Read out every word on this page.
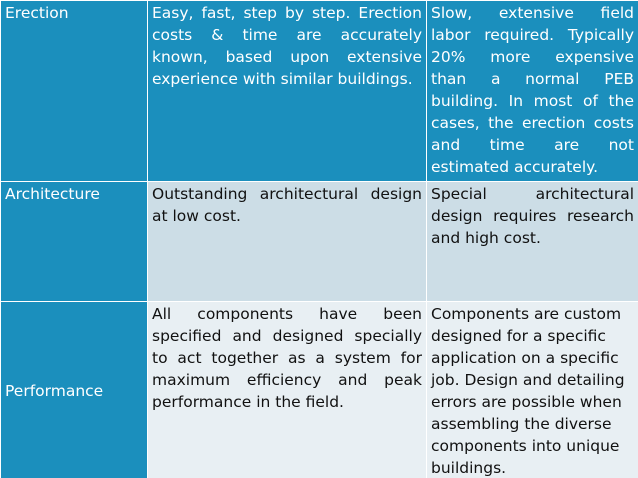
Erection	Easy, fast, step by step. Erection costs & time are accurately known, based upon extensive experience with similar buildings.	Slow, extensive field labor required. Typically 20% more expensive than a normal PEB building. In most of the cases, the erection costs and time are not estimated accurately.
Architecture	Outstanding architectural design at low cost.	Special architectural design requires research and high cost.
Performance	All components have been specified and designed specially to act together as a system for maximum efficiency and peak performance in the field.	Components are custom designed for a specific application on a specific job. Design and detailing errors are possible when assembling the diverse components into unique buildings.
